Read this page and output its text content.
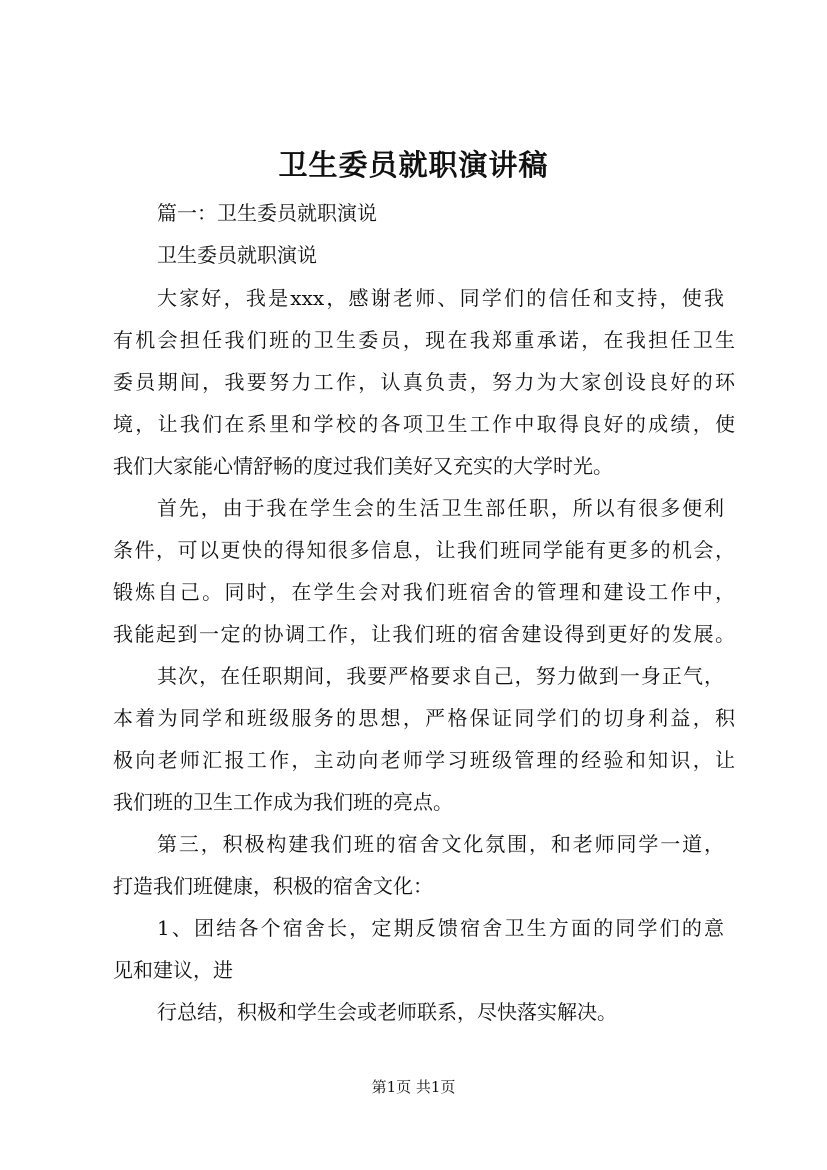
卫生委员就职演讲稿
篇一：卫生委员就职演说
卫生委员就职演说
大家好，我是xxx，感谢老师、同学们的信任和支持，使我
有机会担任我们班的卫生委员，现在我郑重承诺，在我担任卫生
委员期间，我要努力工作，认真负责，努力为大家创设良好的环
境，让我们在系里和学校的各项卫生工作中取得良好的成绩，使
我们大家能心情舒畅的度过我们美好又充实的大学时光。
首先，由于我在学生会的生活卫生部任职，所以有很多便利
条件，可以更快的得知很多信息，让我们班同学能有更多的机会，
锻炼自己。同时，在学生会对我们班宿舍的管理和建设工作中，
我能起到一定的协调工作，让我们班的宿舍建设得到更好的发展。
其次，在任职期间，我要严格要求自己，努力做到一身正气，
本着为同学和班级服务的思想，严格保证同学们的切身利益，积
极向老师汇报工作，主动向老师学习班级管理的经验和知识，让
我们班的卫生工作成为我们班的亮点。
第三，积极构建我们班的宿舍文化氛围，和老师同学一道，
打造我们班健康，积极的宿舍文化：
1、团结各个宿舍长，定期反馈宿舍卫生方面的同学们的意
见和建议，进
行总结，积极和学生会或老师联系，尽快落实解决。
第1页 共1页
